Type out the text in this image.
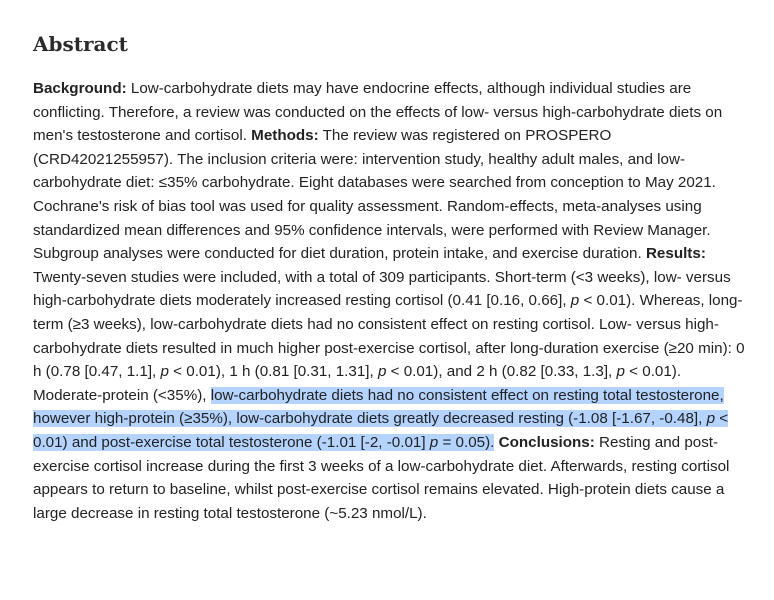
Abstract

Background: Low-carbohydrate diets may have endocrine effects, although individual studies are conflicting. Therefore, a review was conducted on the effects of low- versus high-carbohydrate diets on men's testosterone and cortisol. Methods: The review was registered on PROSPERO (CRD42021255957). The inclusion criteria were: intervention study, healthy adult males, and low-carbohydrate diet: ≤35% carbohydrate. Eight databases were searched from conception to May 2021. Cochrane's risk of bias tool was used for quality assessment. Random-effects, meta-analyses using standardized mean differences and 95% confidence intervals, were performed with Review Manager. Subgroup analyses were conducted for diet duration, protein intake, and exercise duration. Results: Twenty-seven studies were included, with a total of 309 participants. Short-term (<3 weeks), low- versus high-carbohydrate diets moderately increased resting cortisol (0.41 [0.16, 0.66], p < 0.01). Whereas, long-term (≥3 weeks), low-carbohydrate diets had no consistent effect on resting cortisol. Low- versus high-carbohydrate diets resulted in much higher post-exercise cortisol, after long-duration exercise (≥20 min): 0 h (0.78 [0.47, 1.1], p < 0.01), 1 h (0.81 [0.31, 1.31], p < 0.01), and 2 h (0.82 [0.33, 1.3], p < 0.01). Moderate-protein (<35%), low-carbohydrate diets had no consistent effect on resting total testosterone, however high-protein (≥35%), low-carbohydrate diets greatly decreased resting (-1.08 [-1.67, -0.48], p < 0.01) and post-exercise total testosterone (-1.01 [-2, -0.01] p = 0.05). Conclusions: Resting and post-exercise cortisol increase during the first 3 weeks of a low-carbohydrate diet. Afterwards, resting cortisol appears to return to baseline, whilst post-exercise cortisol remains elevated. High-protein diets cause a large decrease in resting total testosterone (~5.23 nmol/L).
